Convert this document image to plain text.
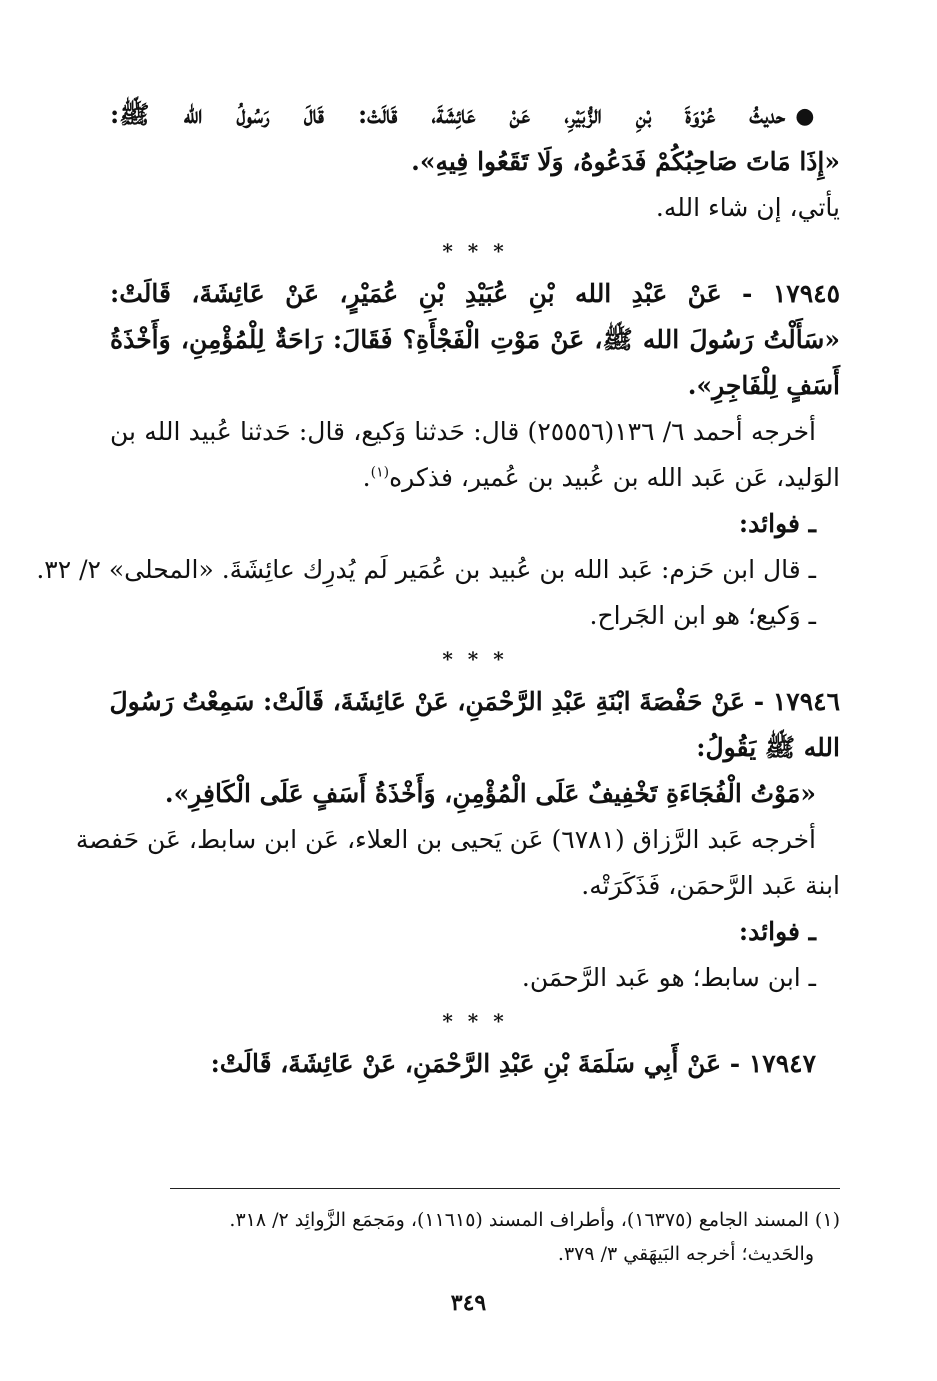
●حديثُ عُرْوَةَ بْنِ الزُّبَيْرِ، عَنْ عَائِشَةَ، قَالَتْ: قَالَ رَسُولُ الله ﷺ:
«إِذَا مَاتَ صَاحِبُكُمْ فَدَعُوهُ، وَلَا تَقَعُوا فِيهِ».
يأتي، إن شاء الله.
* * *
١٧٩٤٥ - عَنْ عَبْدِ الله بْنِ عُبَيْدِ بْنِ عُمَيْرٍ، عَنْ عَائِشَةَ، قَالَتْ:
«سَأَلْتُ رَسُولَ الله ﷺ، عَنْ مَوْتِ الْفَجْأَةِ؟ فَقَالَ: رَاحَةٌ لِلْمُؤْمِنِ، وَأَخْذَةُ
أَسَفٍ لِلْفَاجِرِ».
أخرجه أحمد ٦/ ١٣٦(٢٥٥٥٦) قال: حَدثنا وَكيع، قال: حَدثنا عُبيد الله بن
الوَليد، عَن عَبد الله بن عُبيد بن عُمير، فذكره$^{(١)}$.
ـ فوائد:
ـ قال ابن حَزم: عَبد الله بن عُبيد بن عُمَير لَم يُدرِك عائِشَةَ. «المحلى» ٢/ ٣٢.
ـ وَكيع؛ هو ابن الجَراح.
* * *
١٧٩٤٦ - عَنْ حَفْصَةَ ابْنَةِ عَبْدِ الرَّحْمَنِ، عَنْ عَائِشَةَ، قَالَتْ: سَمِعْتُ رَسُولَ
الله ﷺ يَقُولُ:
«مَوْتُ الْفُجَاءَةِ تَخْفِيفٌ عَلَى الْمُؤْمِنِ، وَأَخْذَةُ أَسَفٍ عَلَى الْكَافِرِ».
أخرجه عَبد الرَّزاق (٦٧٨١) عَن يَحيى بن العلاء، عَن ابن سابط، عَن حَفصة
ابنة عَبد الرَّحمَن، فَذَكَرَتْه.
ـ فوائد:
ـ ابن سابط؛ هو عَبد الرَّحمَن.
* * *
١٧٩٤٧ - عَنْ أَبِي سَلَمَةَ بْنِ عَبْدِ الرَّحْمَنِ، عَنْ عَائِشَةَ، قَالَتْ:
(١) المسند الجامع (١٦٣٧٥)، وأطراف المسند (١١٦١٥)، ومَجمَع الزَّوائِد ٢/ ٣١٨.
والحَديث؛ أخرجه البَيهَقي ٣/ ٣٧٩.
٣٤٩
